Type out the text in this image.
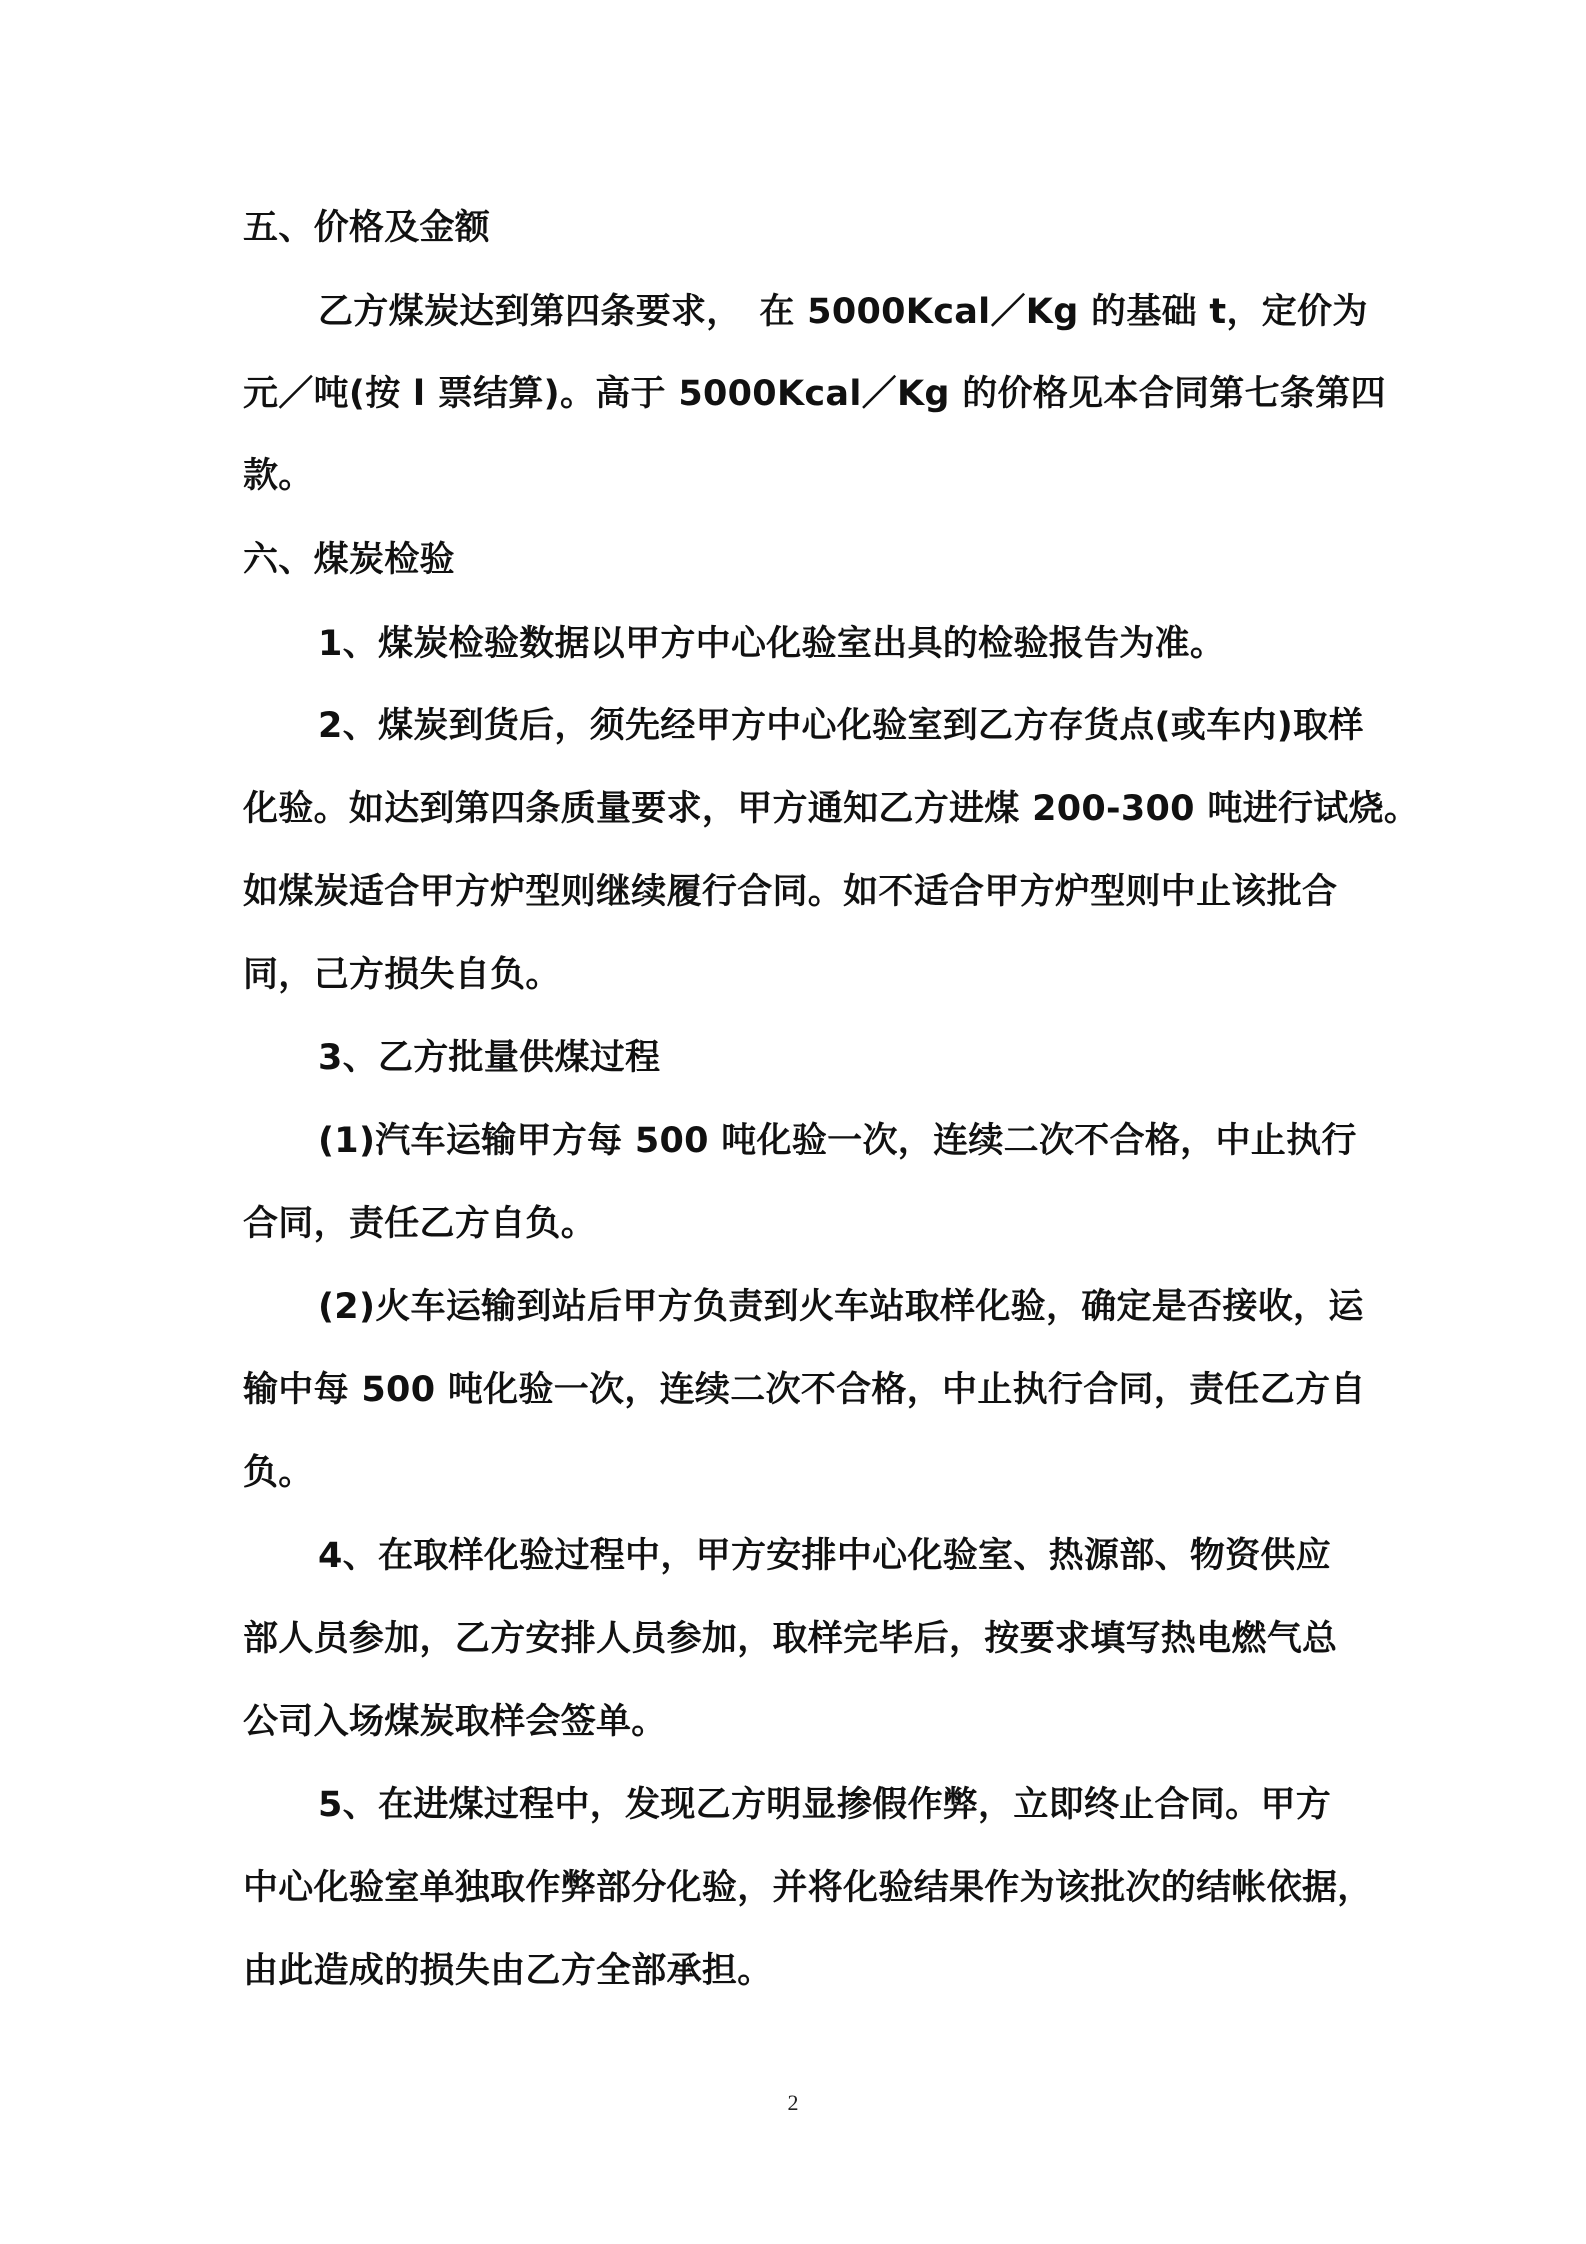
五、价格及金额
乙方煤炭达到第四条要求，　在 5000Kcal／Kg 的基础 t，定价为
元／吨(按 l 票结算)。高于 5000Kcal／Kg 的价格见本合同第七条第四
款。
六、煤炭检验
1、煤炭检验数据以甲方中心化验室出具的检验报告为准。
2、煤炭到货后，须先经甲方中心化验室到乙方存货点(或车内)取样
化验。如达到第四条质量要求，甲方通知乙方进煤 200-300 吨进行试烧。
如煤炭适合甲方炉型则继续履行合同。如不适合甲方炉型则中止该批合
同，己方损失自负。
3、乙方批量供煤过程
(1)汽车运输甲方每 500 吨化验一次，连续二次不合格，中止执行
合同，责任乙方自负。
(2)火车运输到站后甲方负责到火车站取样化验，确定是否接收，运
输中每 500 吨化验一次，连续二次不合格，中止执行合同，责任乙方自
负。
4、在取样化验过程中，甲方安排中心化验室、热源部、物资供应
部人员参加，乙方安排人员参加，取样完毕后，按要求填写热电燃气总
公司入场煤炭取样会签单。
5、在进煤过程中，发现乙方明显掺假作弊，立即终止合同。甲方
中心化验室单独取作弊部分化验，并将化验结果作为该批次的结帐依据，
由此造成的损失由乙方全部承担。
2
